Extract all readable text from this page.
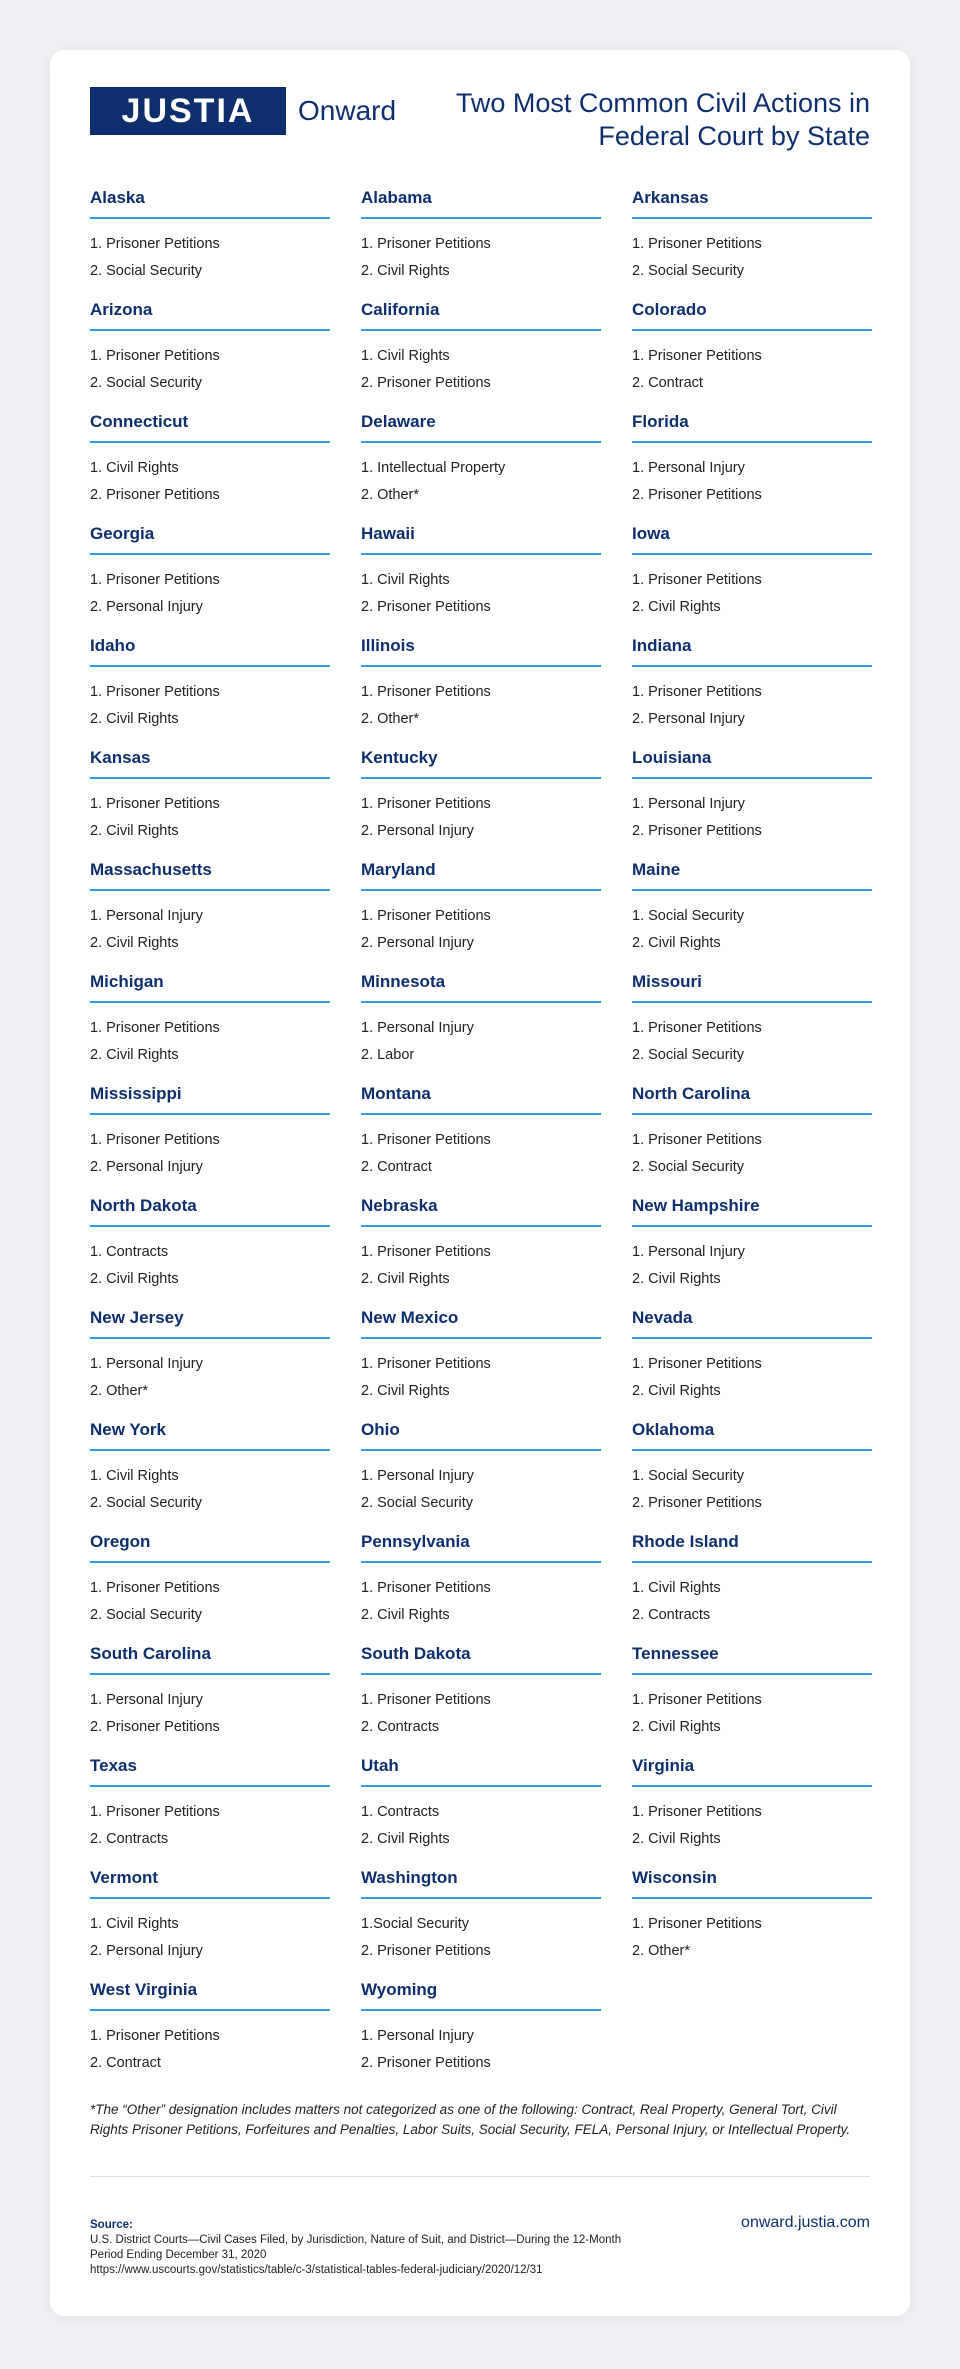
JUSTIA	Onward	Two Most Common Civil Actions in
Federal Court by State
Alaska
1. Prisoner Petitions
2. Social Security
Alabama
1. Prisoner Petitions
2. Civil Rights
Arkansas
1. Prisoner Petitions
2. Social Security
Arizona
1. Prisoner Petitions
2. Social Security
California
1. Civil Rights
2. Prisoner Petitions
Colorado
1. Prisoner Petitions
2. Contract
Connecticut
1. Civil Rights
2. Prisoner Petitions
Delaware
1. Intellectual Property
2. Other*
Florida
1. Personal Injury
2. Prisoner Petitions
Georgia
1. Prisoner Petitions
2. Personal Injury
Hawaii
1. Civil Rights
2. Prisoner Petitions
Iowa
1. Prisoner Petitions
2. Civil Rights
Idaho
1. Prisoner Petitions
2. Civil Rights
Illinois
1. Prisoner Petitions
2. Other*
Indiana
1. Prisoner Petitions
2. Personal Injury
Kansas
1. Prisoner Petitions
2. Civil Rights
Kentucky
1. Prisoner Petitions
2. Personal Injury
Louisiana
1. Personal Injury
2. Prisoner Petitions
Massachusetts
1. Personal Injury
2. Civil Rights
Maryland
1. Prisoner Petitions
2. Personal Injury
Maine
1. Social Security
2. Civil Rights
Michigan
1. Prisoner Petitions
2. Civil Rights
Minnesota
1. Personal Injury
2. Labor
Missouri
1. Prisoner Petitions
2. Social Security
Mississippi
1. Prisoner Petitions
2. Personal Injury
Montana
1. Prisoner Petitions
2. Contract
North Carolina
1. Prisoner Petitions
2. Social Security
North Dakota
1. Contracts
2. Civil Rights
Nebraska
1. Prisoner Petitions
2. Civil Rights
New Hampshire
1. Personal Injury
2. Civil Rights
New Jersey
1. Personal Injury
2. Other*
New Mexico
1. Prisoner Petitions
2. Civil Rights
Nevada
1. Prisoner Petitions
2. Civil Rights
New York
1. Civil Rights
2. Social Security
Ohio
1. Personal Injury
2. Social Security
Oklahoma
1. Social Security
2. Prisoner Petitions
Oregon
1. Prisoner Petitions
2. Social Security
Pennsylvania
1. Prisoner Petitions
2. Civil Rights
Rhode Island
1. Civil Rights
2. Contracts
South Carolina
1. Personal Injury
2. Prisoner Petitions
South Dakota
1. Prisoner Petitions
2. Contracts
Tennessee
1. Prisoner Petitions
2. Civil Rights
Texas
1. Prisoner Petitions
2. Contracts
Utah
1. Contracts
2. Civil Rights
Virginia
1. Prisoner Petitions
2. Civil Rights
Vermont
1. Civil Rights
2. Personal Injury
Washington
1.Social Security
2. Prisoner Petitions
Wisconsin
1. Prisoner Petitions
2. Other*
West Virginia
1. Prisoner Petitions
2. Contract
Wyoming
1. Personal Injury
2. Prisoner Petitions
*The “Other” designation includes matters not categorized as one of the following: Contract, Real Property, General Tort, Civil Rights Prisoner Petitions, Forfeitures and Penalties, Labor Suits, Social Security, FELA, Personal Injury, or Intellectual Property.
Source:
U.S. District Courts—Civil Cases Filed, by Jurisdiction, Nature of Suit, and District—During the 12-Month Period Ending December 31, 2020
https://www.uscourts.gov/statistics/table/c-3/statistical-tables-federal-judiciary/2020/12/31
onward.justia.com
